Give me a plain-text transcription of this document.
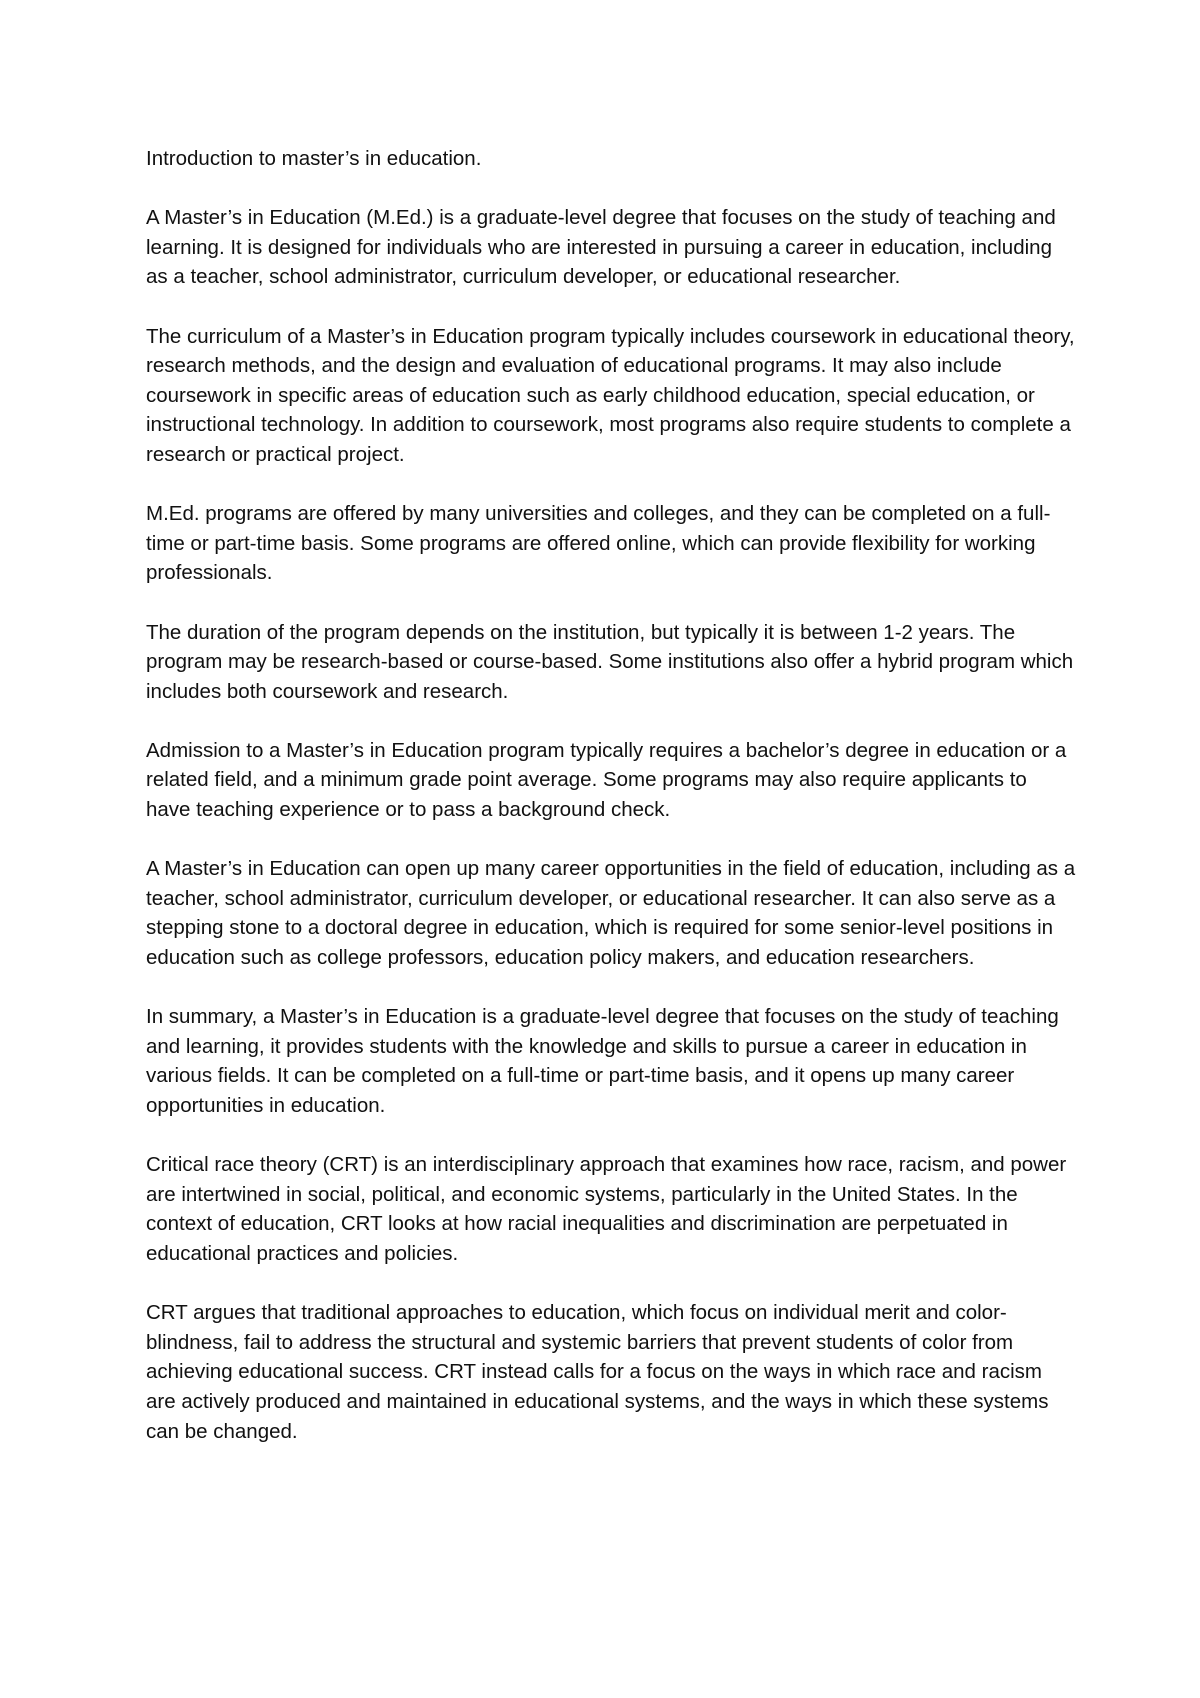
Introduction to master’s in education.

A Master’s in Education (M.Ed.) is a graduate-level degree that focuses on the study of teaching and learning. It is designed for individuals who are interested in pursuing a career in education, including as a teacher, school administrator, curriculum developer, or educational researcher.

The curriculum of a Master’s in Education program typically includes coursework in educational theory, research methods, and the design and evaluation of educational programs. It may also include coursework in specific areas of education such as early childhood education, special education, or instructional technology. In addition to coursework, most programs also require students to complete a research or practical project.

M.Ed. programs are offered by many universities and colleges, and they can be completed on a full-time or part-time basis. Some programs are offered online, which can provide flexibility for working professionals.

The duration of the program depends on the institution, but typically it is between 1-2 years. The program may be research-based or course-based. Some institutions also offer a hybrid program which includes both coursework and research.

Admission to a Master’s in Education program typically requires a bachelor’s degree in education or a related field, and a minimum grade point average. Some programs may also require applicants to have teaching experience or to pass a background check.

A Master’s in Education can open up many career opportunities in the field of education, including as a teacher, school administrator, curriculum developer, or educational researcher. It can also serve as a stepping stone to a doctoral degree in education, which is required for some senior-level positions in education such as college professors, education policy makers, and education researchers.

In summary, a Master’s in Education is a graduate-level degree that focuses on the study of teaching and learning, it provides students with the knowledge and skills to pursue a career in education in various fields. It can be completed on a full-time or part-time basis, and it opens up many career opportunities in education.

Critical race theory (CRT) is an interdisciplinary approach that examines how race, racism, and power are intertwined in social, political, and economic systems, particularly in the United States. In the context of education, CRT looks at how racial inequalities and discrimination are perpetuated in educational practices and policies.

CRT argues that traditional approaches to education, which focus on individual merit and color-blindness, fail to address the structural and systemic barriers that prevent students of color from achieving educational success. CRT instead calls for a focus on the ways in which race and racism are actively produced and maintained in educational systems, and the ways in which these systems can be changed.
